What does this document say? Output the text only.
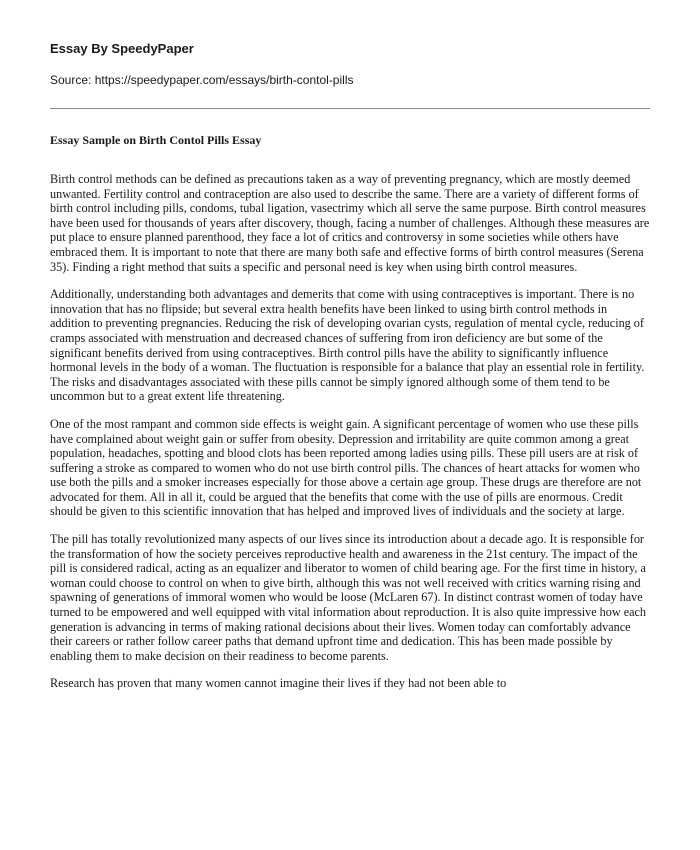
Essay By SpeedyPaper
Source: https://speedypaper.com/essays/birth-contol-pills
Essay Sample on Birth Contol Pills Essay

Birth control methods can be defined as precautions taken as a way of preventing pregnancy, which are mostly deemed unwanted. Fertility control and contraception are also used to describe the same. There are a variety of different forms of birth control including pills, condoms, tubal ligation, vasectrimy which all serve the same purpose. Birth control measures have been used for thousands of years after discovery, though, facing a number of challenges. Although these measures are put place to ensure planned parenthood, they face a lot of critics and controversy in some societies while others have embraced them. It is important to note that there are many both safe and effective forms of birth control measures (Serena 35). Finding a right method that suits a specific and personal need is key when using birth control measures.

Additionally, understanding both advantages and demerits that come with using contraceptives is important. There is no innovation that has no flipside; but several extra health benefits have been linked to using birth control methods in addition to preventing pregnancies. Reducing the risk of developing ovarian cysts, regulation of mental cycle, reducing of cramps associated with menstruation and decreased chances of suffering from iron deficiency are but some of the significant benefits derived from using contraceptives. Birth control pills have the ability to significantly influence hormonal levels in the body of a woman. The fluctuation is responsible for a balance that play an essential role in fertility. The risks and disadvantages associated with these pills cannot be simply ignored although some of them tend to be uncommon but to a great extent life threatening.

One of the most rampant and common side effects is weight gain. A significant percentage of women who use these pills have complained about weight gain or suffer from obesity. Depression and irritability are quite common among a great population, headaches, spotting and blood clots has been reported among ladies using pills. These pill users are at risk of suffering a stroke as compared to women who do not use birth control pills. The chances of heart attacks for women who use both the pills and a smoker increases especially for those above a certain age group. These drugs are therefore are not advocated for them. All in all it, could be argued that the benefits that come with the use of pills are enormous. Credit should be given to this scientific innovation that has helped and improved lives of individuals and the society at large.

The pill has totally revolutionized many aspects of our lives since its introduction about a decade ago. It is responsible for the transformation of how the society perceives reproductive health and awareness in the 21st century. The impact of the pill is considered radical, acting as an equalizer and liberator to women of child bearing age. For the first time in history, a woman could choose to control on when to give birth, although this was not well received with critics warning rising and spawning of generations of immoral women who would be loose (McLaren 67). In distinct contrast women of today have turned to be empowered and well equipped with vital information about reproduction. It is also quite impressive how each generation is advancing in terms of making rational decisions about their lives. Women today can comfortably advance their careers or rather follow career paths that demand upfront time and dedication. This has been made possible by enabling them to make decision on their readiness to become parents.

Research has proven that many women cannot imagine their lives if they had not been able to
